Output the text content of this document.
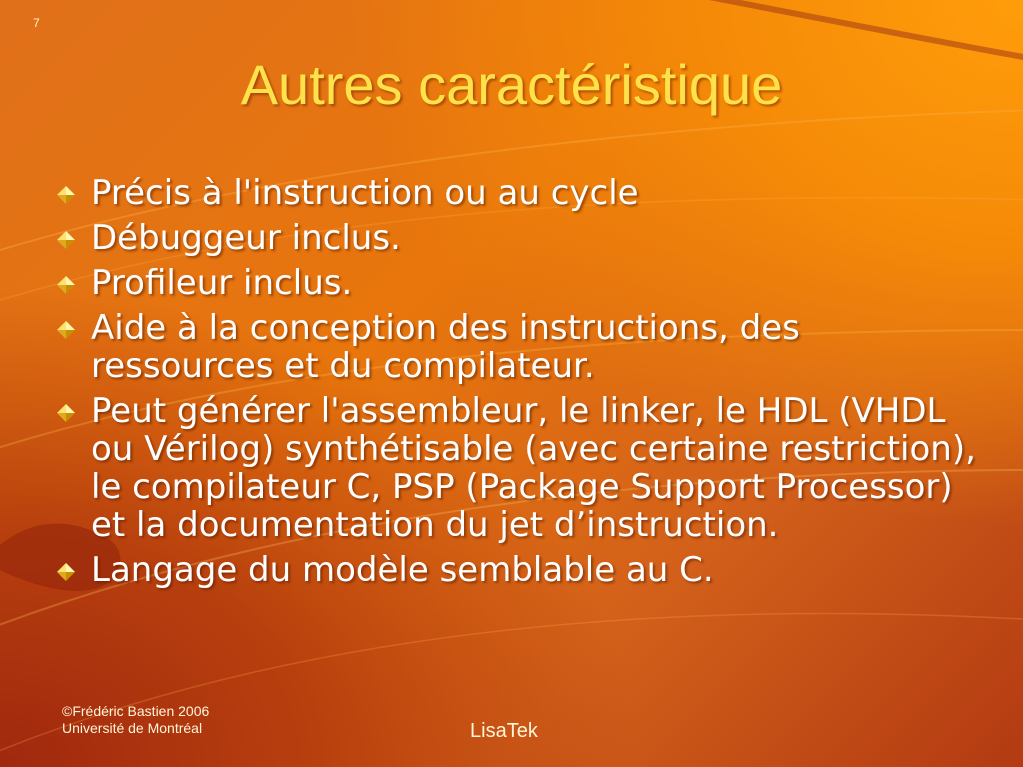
7
Autres caractéristique
Précis à l'instruction ou au cycle
Débuggeur inclus.
Profileur inclus.
Aide à la conception des instructions, des ressources et du compilateur.
Peut générer l'assembleur, le linker, le HDL (VHDL ou Vérilog) synthétisable (avec certaine restriction), le compilateur C, PSP (Package Support Processor) et la documentation du jet d’instruction.
Langage du modèle semblable au C.
©Frédéric Bastien 2006
Université de Montréal	LisaTek
